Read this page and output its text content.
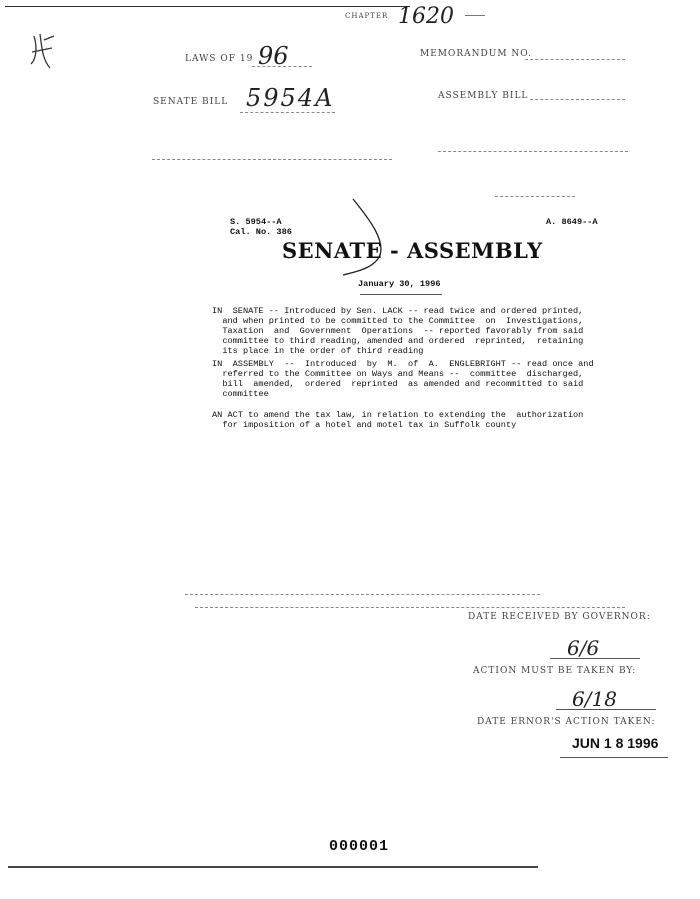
CHAPTER 1620
LAWS OF 19 96	MEMORANDUM NO.
SENATE BILL 5954A	ASSEMBLY BILL
S. 5954--A
Cal. No. 386
A. 8649--A
SENATE - ASSEMBLY
January 30, 1996
IN  SENATE -- Introduced by Sen. LACK -- read twice and ordered printed,
and when printed to be committed to the Committee  on  Investigations,
Taxation  and  Government  Operations  -- reported favorably from said
committee to third reading, amended and ordered  reprinted,  retaining
its place in the order of third reading
IN  ASSEMBLY  --  Introduced  by  M.  of  A.  ENGLEBRIGHT -- read once and
referred to the Committee on Ways and Means --  committee  discharged,
bill  amended,  ordered  reprinted  as amended and recommitted to said
committee
AN ACT to amend the tax law, in relation to extending the  authorization
for imposition of a hotel and motel tax in Suffolk county
DATE RECEIVED BY GOVERNOR:
6/6
ACTION MUST BE TAKEN BY:
6/18
DATE ERNOR'S ACTION TAKEN:
JUN 1 8 1996
000001
